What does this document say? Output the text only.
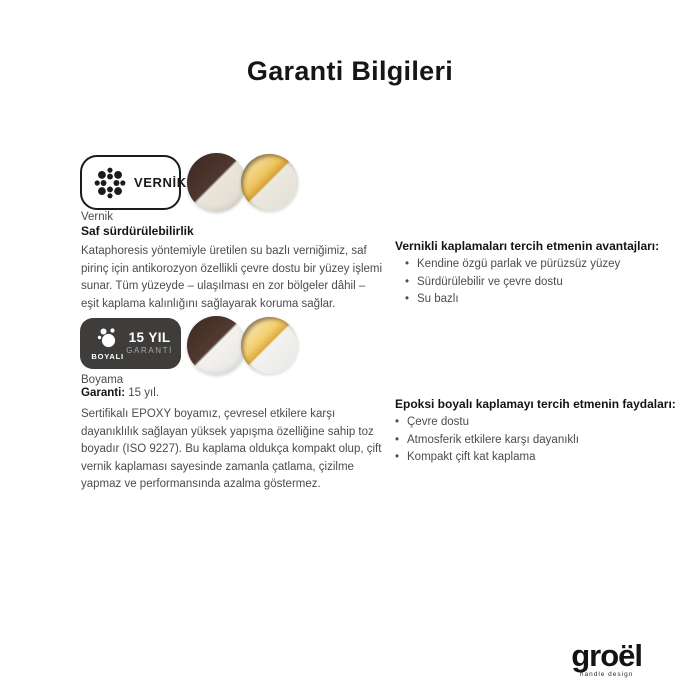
Garanti Bilgileri
VERNİK
Vernik
Saf sürdürülebilirlik

Kataphoresis yöntemiyle üretilen su bazlı verniğimiz, saf pirinç için antikorozyon özellikli çevre dostu bir yüzey işlemi sunar. Tüm yüzeyde – ulaşılması en zor bölgeler dâhil – eşit kaplama kalınlığını sağlayarak koruma sağlar.

Vernikli kaplamaları tercih etmenin avantajları:
• Kendine özgü parlak ve pürüzsüz yüzey
• Sürdürülebilir ve çevre dostu
• Su bazlı
BOYALI
15 YIL
GARANTİ
Boyama
Garanti: 15 yıl.

Sertifikalı EPOXY boyamız, çevresel etkilere karşı dayanıklılık sağlayan yüksek yapışma özelliğine sahip toz boyadır (ISO 9227). Bu kaplama oldukça kompakt olup, çift vernik kaplaması sayesinde zamanla çatlama, çizilme yapmaz ve performansında azalma göstermez.

Epoksi boyalı kaplamayı tercih etmenin faydaları:
• Çevre dostu
• Atmosferik etkilere karşı dayanıklı
• Kompakt çift kat kaplama
groël
handle design
